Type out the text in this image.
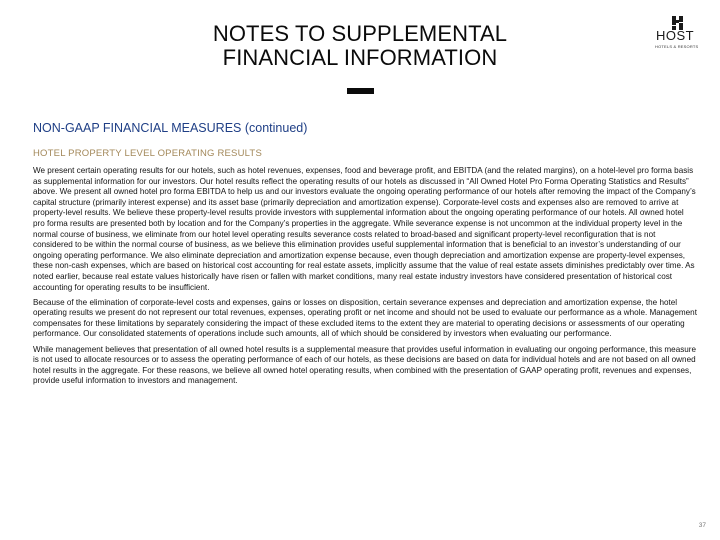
NOTES TO SUPPLEMENTAL
FINANCIAL INFORMATION
HOST
HOTELS & RESORTS
NON-GAAP FINANCIAL MEASURES (continued)
HOTEL PROPERTY LEVEL OPERATING RESULTS

We present certain operating results for our hotels, such as hotel revenues, expenses, food and beverage profit, and EBITDA (and the related margins), on a hotel-level pro forma basis as supplemental information for our investors. Our hotel results reflect the operating results of our hotels as discussed in “All Owned Hotel Pro Forma Operating Statistics and Results” above. We present all owned hotel pro forma EBITDA to help us and our investors evaluate the ongoing operating performance of our hotels after removing the impact of the Company’s capital structure (primarily interest expense) and its asset base (primarily depreciation and amortization expense). Corporate-level costs and expenses also are removed to arrive at property-level results. We believe these property-level results provide investors with supplemental information about the ongoing operating performance of our hotels. All owned hotel pro forma results are presented both by location and for the Company’s properties in the aggregate. While severance expense is not uncommon at the individual property level in the normal course of business, we eliminate from our hotel level operating results severance costs related to broad-based and significant property-level reconfiguration that is not considered to be within the normal course of business, as we believe this elimination provides useful supplemental information that is beneficial to an investor’s understanding of our ongoing operating performance. We also eliminate depreciation and amortization expense because, even though depreciation and amortization expense are property-level expenses, these non-cash expenses, which are based on historical cost accounting for real estate assets, implicitly assume that the value of real estate assets diminishes predictably over time. As noted earlier, because real estate values historically have risen or fallen with market conditions, many real estate industry investors have considered presentation of historical cost accounting for operating results to be insufficient.

Because of the elimination of corporate-level costs and expenses, gains or losses on disposition, certain severance expenses and depreciation and amortization expense, the hotel operating results we present do not represent our total revenues, expenses, operating profit or net income and should not be used to evaluate our performance as a whole. Management compensates for these limitations by separately considering the impact of these excluded items to the extent they are material to operating decisions or assessments of our operating performance. Our consolidated statements of operations include such amounts, all of which should be considered by investors when evaluating our performance.

While management believes that presentation of all owned hotel results is a supplemental measure that provides useful information in evaluating our ongoing performance, this measure is not used to allocate resources or to assess the operating performance of each of our hotels, as these decisions are based on data for individual hotels and are not based on all owned hotel results in the aggregate. For these reasons, we believe all owned hotel operating results, when combined with the presentation of GAAP operating profit, revenues and expenses, provide useful information to investors and management.

37
